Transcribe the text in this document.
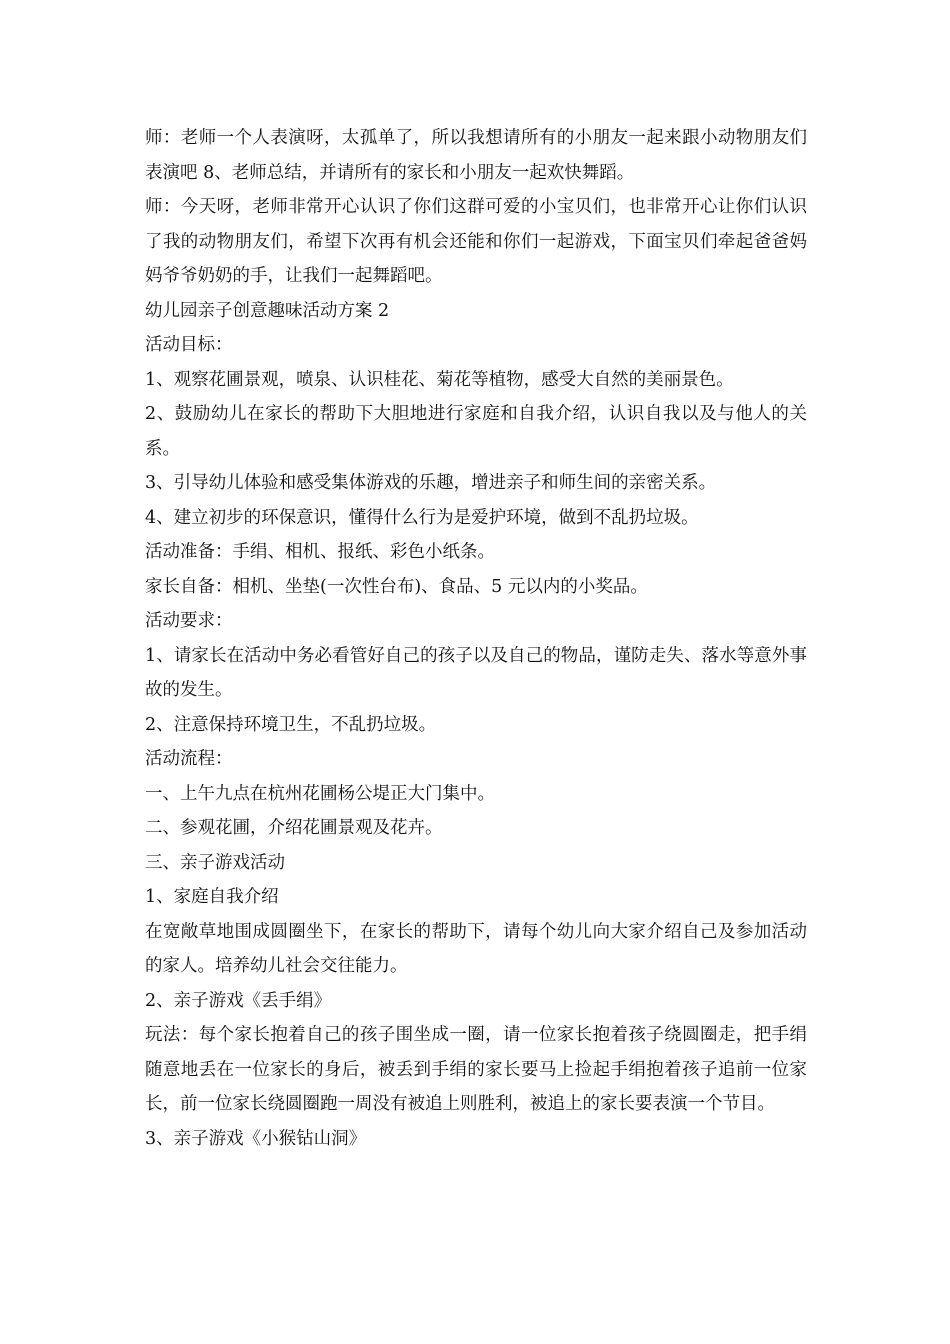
师：老师一个人表演呀，太孤单了，所以我想请所有的小朋友一起来跟小动物朋友们表演吧 8、老师总结，并请所有的家长和小朋友一起欢快舞蹈。

师：今天呀，老师非常开心认识了你们这群可爱的小宝贝们，也非常开心让你们认识了我的动物朋友们，希望下次再有机会还能和你们一起游戏，下面宝贝们牵起爸爸妈妈爷爷奶奶的手，让我们一起舞蹈吧。

幼儿园亲子创意趣味活动方案 2

活动目标：

1、观察花圃景观，喷泉、认识桂花、菊花等植物，感受大自然的美丽景色。

2、鼓励幼儿在家长的帮助下大胆地进行家庭和自我介绍，认识自我以及与他人的关系。

3、引导幼儿体验和感受集体游戏的乐趣，增进亲子和师生间的亲密关系。

4、建立初步的环保意识，懂得什么行为是爱护环境，做到不乱扔垃圾。

活动准备：手绢、相机、报纸、彩色小纸条。

家长自备：相机、坐垫(一次性台布)、食品、5 元以内的小奖品。

活动要求：

1、请家长在活动中务必看管好自己的孩子以及自己的物品，谨防走失、落水等意外事故的发生。

2、注意保持环境卫生，不乱扔垃圾。

活动流程：

一、上午九点在杭州花圃杨公堤正大门集中。

二、参观花圃，介绍花圃景观及花卉。

三、亲子游戏活动

1、家庭自我介绍

在宽敞草地围成圆圈坐下，在家长的帮助下，请每个幼儿向大家介绍自己及参加活动的家人。培养幼儿社会交往能力。

2、亲子游戏《丢手绢》

玩法：每个家长抱着自己的孩子围坐成一圈，请一位家长抱着孩子绕圆圈走，把手绢随意地丢在一位家长的身后，被丢到手绢的家长要马上捡起手绢抱着孩子追前一位家长，前一位家长绕圆圈跑一周没有被追上则胜利，被追上的家长要表演一个节目。

3、亲子游戏《小猴钻山洞》
